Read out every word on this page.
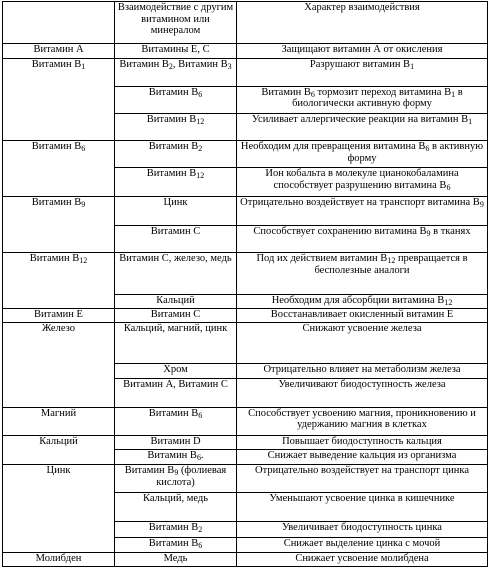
	Взаимодействие с другим витамином или минералом	Характер взаимодействия
Витамин А	Витамины Е, С	Защищают витамин А от окисления
Витамин $В_1$	Витамин $В_2$, Витамин $В_3$	Разрушают витамин $В_1$
	Витамин $В_6$	Витамин $В_6$ тормозит переход витамина $В_1$ в биологически активную форму
	Витамин $В_{12}$	Усиливает аллергические реакции на витамин $В_1$
Витамин $В_6$	Витамин $В_2$	Необходим для превращения витамина $В_6$ в активную форму
	Витамин $В_{12}$	Ион кобальта в молекуле цианокобаламина способствует разрушению витамина $В_6$
Витамин $В_9$	Цинк	Отрицательно воздействует на транспорт витамина $В_9$
	Витамин С	Способствует сохранению витамина $В_9$ в тканях
Витамин $В_{12}$	Витамин С, железо, медь	Под их действием витамин $В_{12}$ превращается в бесполезные аналоги
	Кальций	Необходим для абсорбции витамина $В_{12}$
Витамин Е	Витамин С	Восстанавливает окисленный витамин Е
Железо	Кальций, магний, цинк	Снижают усвоение железа
	Хром	Отрицательно влияет на метаболизм железа
	Витамин А, Витамин С	Увеличивают биодоступность железа
Магний	Витамин $В_6$	Способствует усвоению магния, проникновению и удержанию магния в клетках
Кальций	Витамин D	Повышает биодоступность кальция
	Витамин $В_6$.	Снижает выведение кальция из организма
Цинк	Витамин $В_9$ (фолиевая кислота)	Отрицательно воздействует на транспорт цинка
	Кальций, медь	Уменьшают усвоение цинка в кишечнике
	Витамин $В_2$	Увеличивает биодоступность цинка
	Витамин $В_6$	Снижает выделение цинка с мочой
Молибден	Медь	Снижает усвоение молибдена
